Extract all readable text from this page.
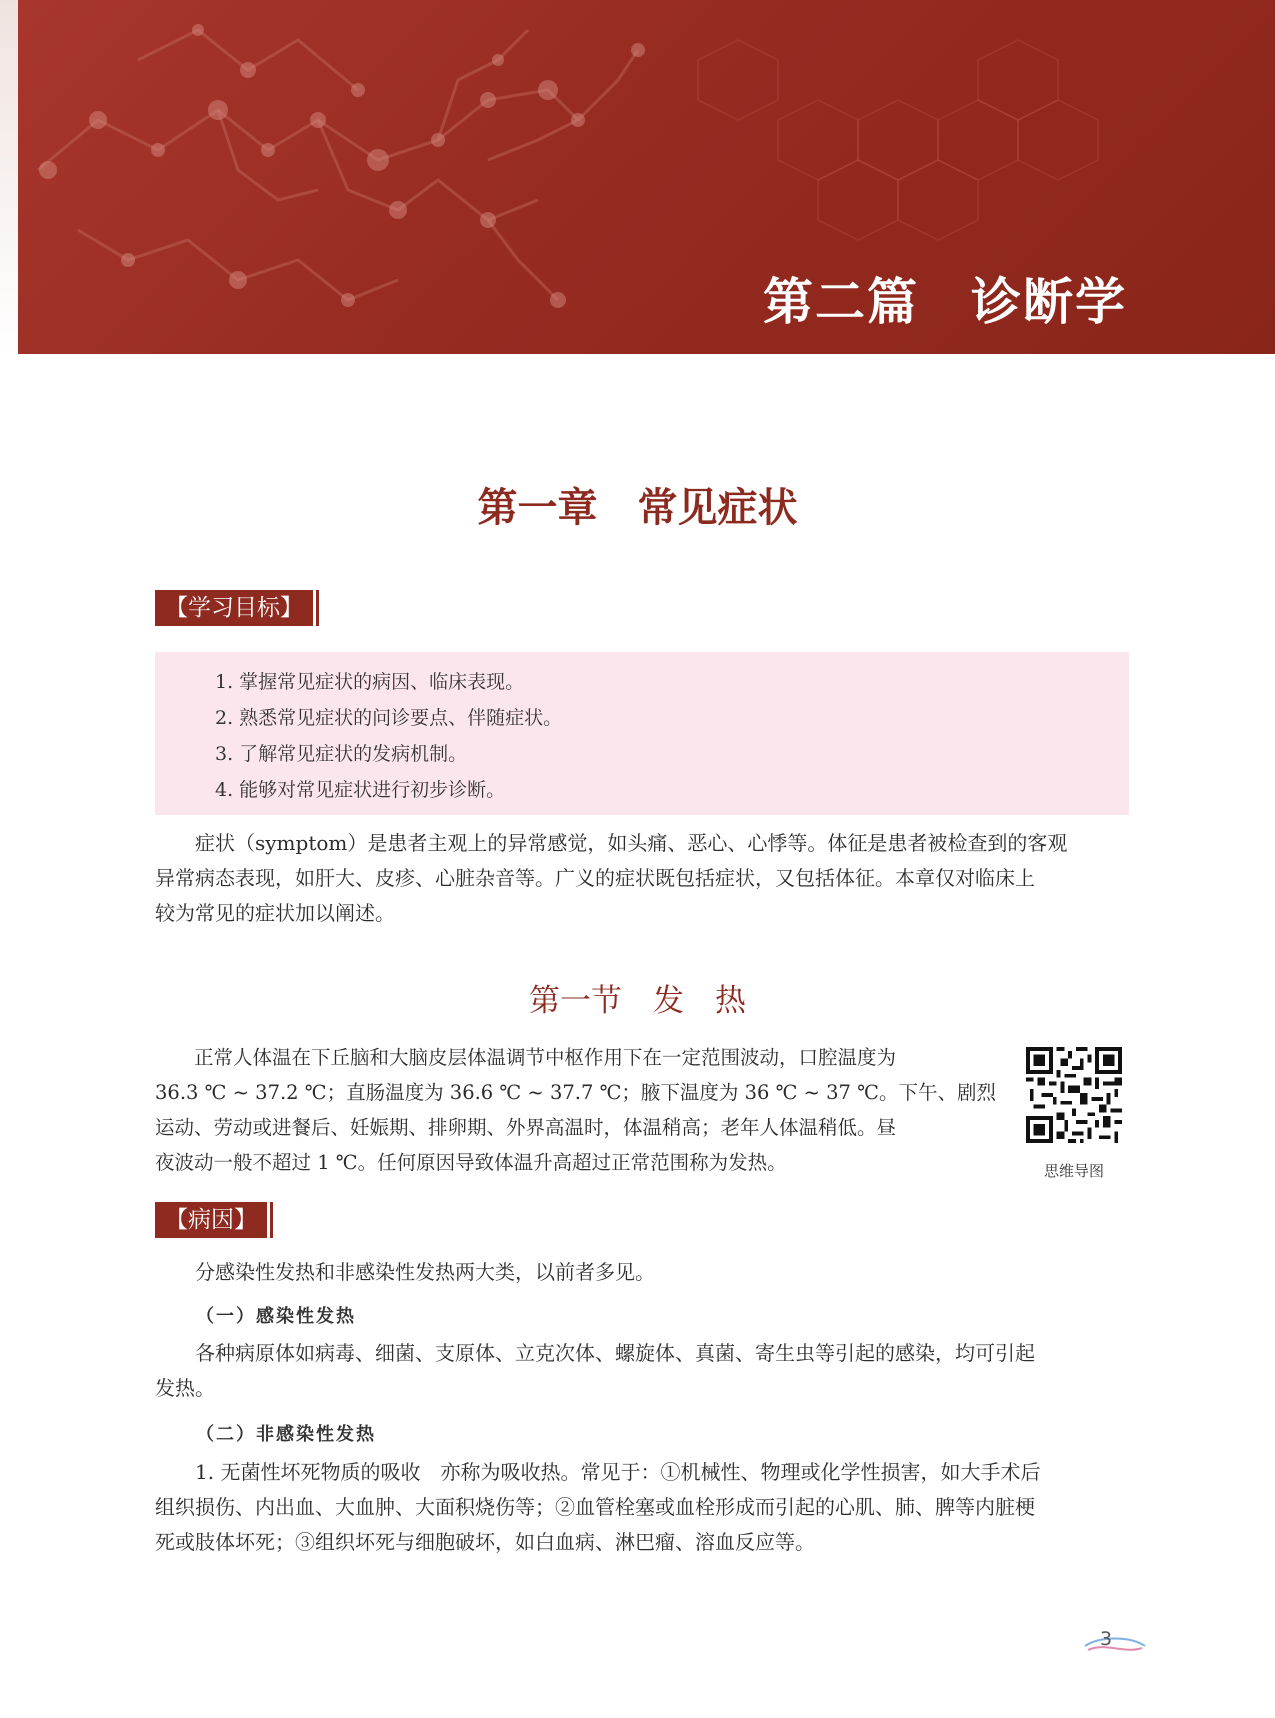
第二篇　诊断学
第一章　常见症状
【学习目标】
1. 掌握常见症状的病因、临床表现。
2. 熟悉常见症状的问诊要点、伴随症状。
3. 了解常见症状的发病机制。
4. 能够对常见症状进行初步诊断。
　　症状（symptom）是患者主观上的异常感觉，如头痛、恶心、心悸等。体征是患者被检查到的客观
异常病态表现，如肝大、皮疹、心脏杂音等。广义的症状既包括症状，又包括体征。本章仅对临床上
较为常见的症状加以阐述。
第一节　发　热
　　正常人体温在下丘脑和大脑皮层体温调节中枢作用下在一定范围波动，口腔温度为
36.3 ℃ ~ 37.2 ℃；直肠温度为 36.6 ℃ ~ 37.7 ℃；腋下温度为 36 ℃ ~ 37 ℃。下午、剧烈
运动、劳动或进餐后、妊娠期、排卵期、外界高温时，体温稍高；老年人体温稍低。昼
夜波动一般不超过 1 ℃。任何原因导致体温升高超过正常范围称为发热。	思维导图
【病因】
　　分感染性发热和非感染性发热两大类，以前者多见。
（一）感染性发热
　　各种病原体如病毒、细菌、支原体、立克次体、螺旋体、真菌、寄生虫等引起的感染，均可引起
发热。
（二）非感染性发热
　　1. 无菌性坏死物质的吸收　亦称为吸收热。常见于：①机械性、物理或化学性损害，如大手术后
组织损伤、内出血、大血肿、大面积烧伤等；②血管栓塞或血栓形成而引起的心肌、肺、脾等内脏梗
死或肢体坏死；③组织坏死与细胞破坏，如白血病、淋巴瘤、溶血反应等。
3
